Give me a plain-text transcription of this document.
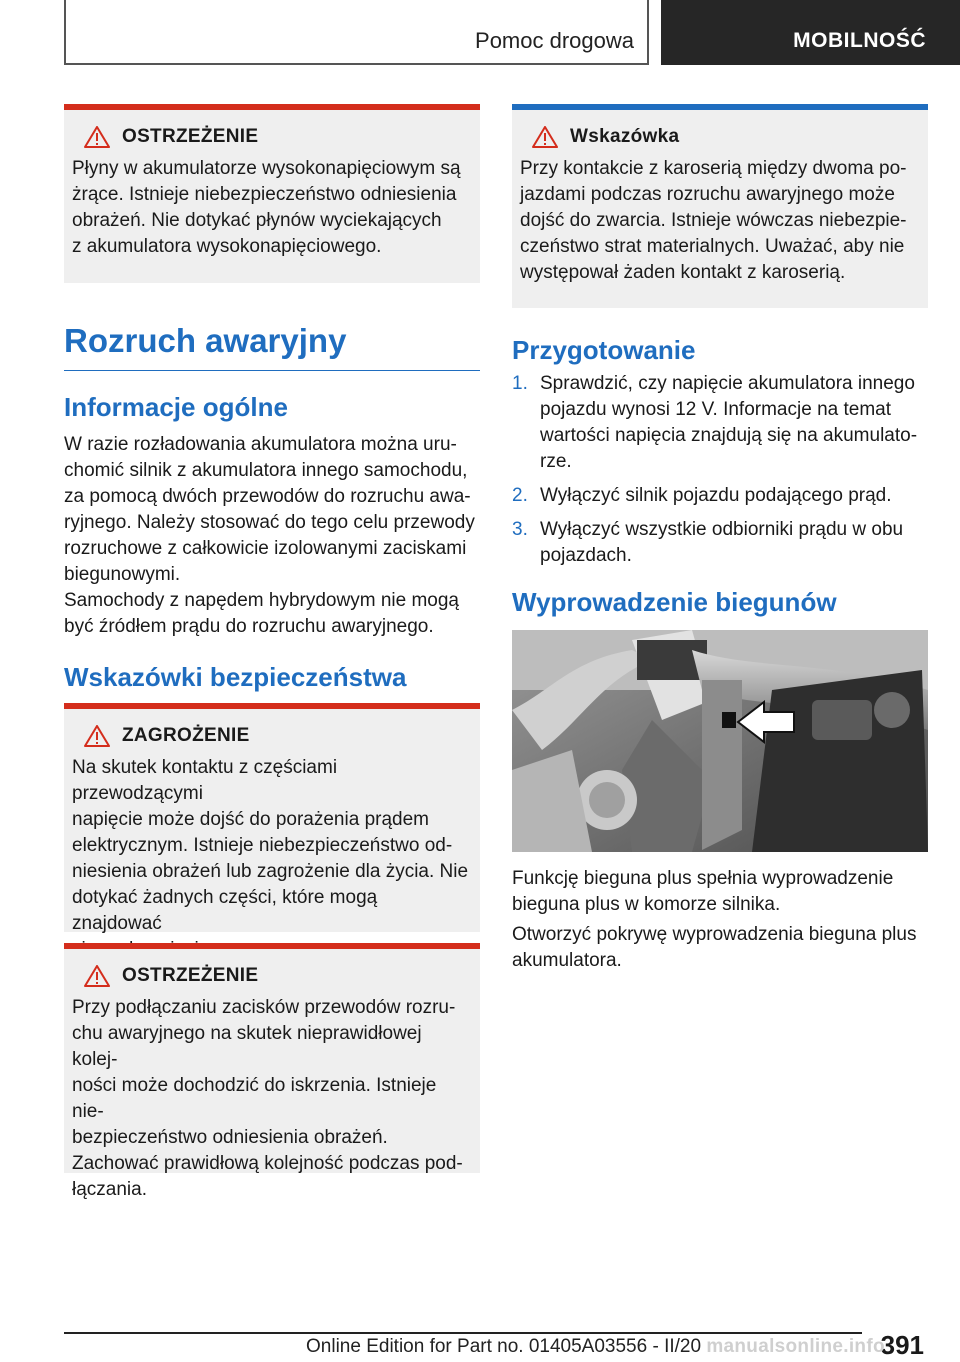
Pomoc drogowa	MOBILNOŚĆ
OSTRZEŻENIE

Płyny w akumulatorze wysokonapięciowym są
żrące. Istnieje niebezpieczeństwo odniesienia
obrażeń. Nie dotykać płynów wyciekających
z akumulatora wysokonapięciowego.

Rozruch awaryjny
Informacje ogólne

W razie rozładowania akumulatora można uru‐
chomić silnik z akumulatora innego samochodu,
za pomocą dwóch przewodów do rozruchu awa‐
ryjnego. Należy stosować do tego celu przewody
rozruchowe z całkowicie izolowanymi zaciskami
biegunowymi.

Samochody z napędem hybrydowym nie mogą
być źródłem prądu do rozruchu awaryjnego.

Wskazówki bezpieczeństwa
ZAGROŻENIE

Na skutek kontaktu z częściami przewodzącymi
napięcie może dojść do porażenia prądem
elektrycznym. Istnieje niebezpieczeństwo od‐
niesienia obrażeń lub zagrożenie dla życia. Nie
dotykać żadnych części, które mogą znajdować

OSTRZEŻENIE

Przy podłączaniu zacisków przewodów rozru‐
chu awaryjnego na skutek nieprawidłowej kolej‐
ności może dochodzić do iskrzenia. Istnieje nie‐
bezpieczeństwo odniesienia obrażeń.
Zachować prawidłową kolejność podczas pod‐
łączania.

Wskazówka

Przy kontakcie z karoserią między dwoma po‐
jazdami podczas rozruchu awaryjnego może
dojść do zwarcia. Istnieje wówczas niebezpie‐
czeństwo strat materialnych. Uważać, aby nie
występował żaden kontakt z karoserią.

Przygotowanie
1. Sprawdzić, czy napięcie akumulatora innego
pojazdu wynosi 12 V. Informacje na temat
wartości napięcia znajdują się na akumulato‐
rze.
2. Wyłączyć silnik pojazdu podającego prąd.
3. Wyłączyć wszystkie odbiorniki prądu w obu
pojazdach.
Wyprowadzenie biegunów

Funkcję bieguna plus spełnia wyprowadzenie
bieguna plus w komorze silnika.

Otworzyć pokrywę wyprowadzenia bieguna plus
akumulatora.

391
Online Edition for Part no. 01405A03556 - II/20 manualsonline.info
